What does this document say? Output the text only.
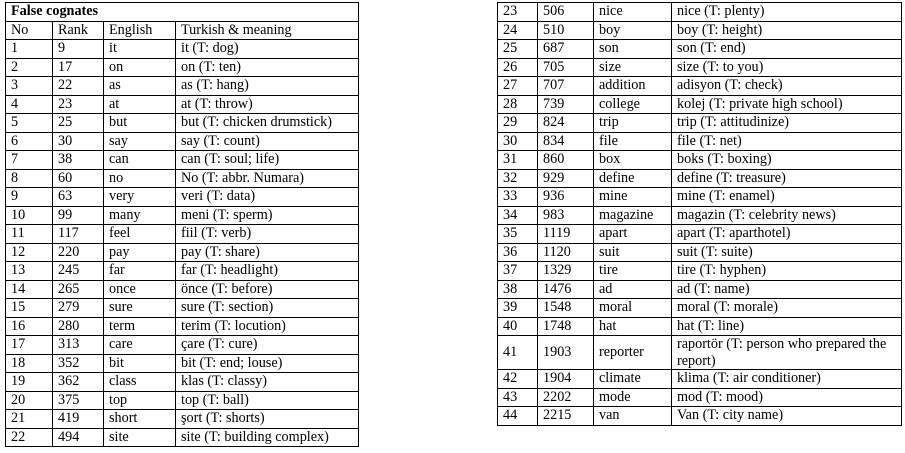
False cognates			
No	Rank	English	Turkish & meaning
1	9	it	it (T: dog)
2	17	on	on (T: ten)
3	22	as	as (T: hang)
4	23	at	at (T: throw)
5	25	but	but (T: chicken drumstick)
6	30	say	say (T: count)
7	38	can	can (T: soul; life)
8	60	no	No (T: abbr. Numara)
9	63	very	veri (T: data)
10	99	many	meni (T: sperm)
11	117	feel	fiil (T: verb)
12	220	pay	pay (T: share)
13	245	far	far (T: headlight)
14	265	once	önce (T: before)
15	279	sure	sure (T: section)
16	280	term	terim (T: locution)
17	313	care	çare (T: cure)
18	352	bit	bit (T: end; louse)
19	362	class	klas (T: classy)
20	375	top	top (T: ball)
21	419	short	şort (T: shorts)
22	494	site	site (T: building complex)
23	506	nice	nice (T: plenty)
24	510	boy	boy (T: height)
25	687	son	son (T: end)
26	705	size	size (T: to you)
27	707	addition	adisyon (T: check)
28	739	college	kolej (T: private high school)
29	824	trip	trip (T: attitudinize)
30	834	file	file (T: net)
31	860	box	boks (T: boxing)
32	929	define	define (T: treasure)
33	936	mine	mine (T: enamel)
34	983	magazine	magazin (T: celebrity news)
35	1119	apart	apart (T: aparthotel)
36	1120	suit	suit (T: suite)
37	1329	tire	tire (T: hyphen)
38	1476	ad	ad (T: name)
39	1548	moral	moral (T: morale)
40	1748	hat	hat (T: line)
41	1903	reporter	raportör (T: person who prepared the report)
42	1904	climate	klima (T: air conditioner)
43	2202	mode	mod (T: mood)
44	2215	van	Van (T: city name)
